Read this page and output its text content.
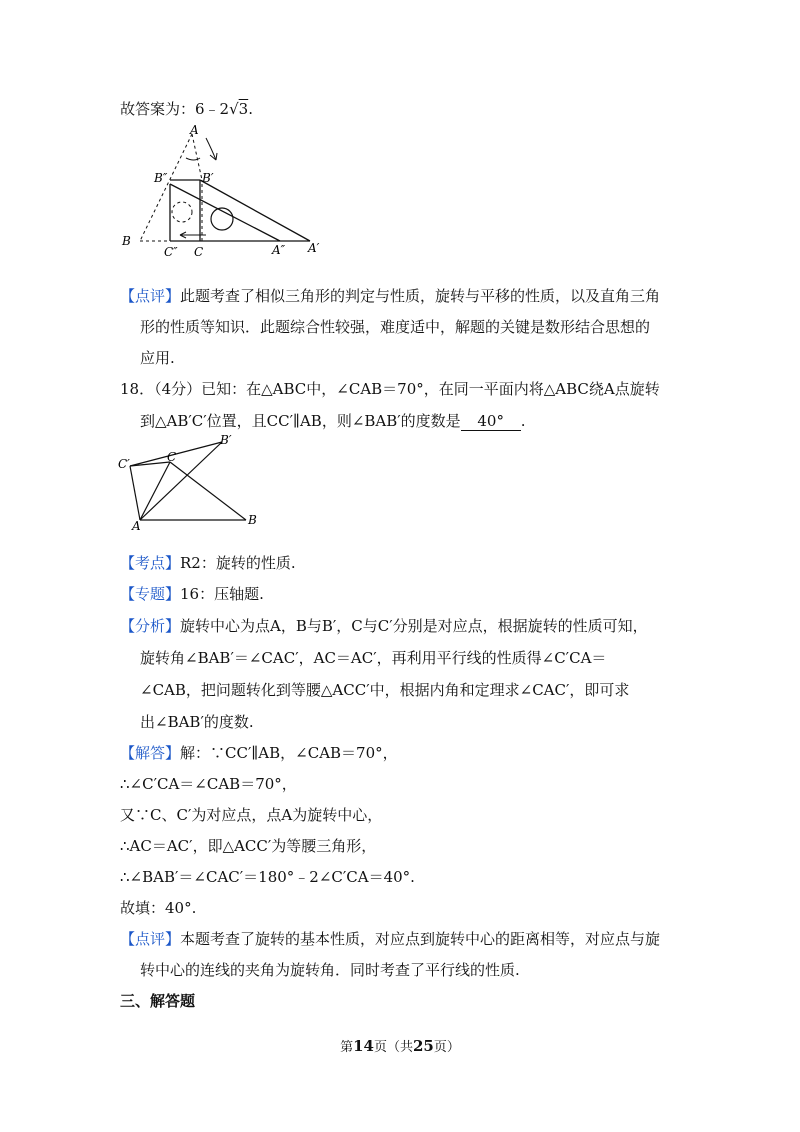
故答案为：6﹣2√3.
A
B″	B′
B
C″ C	A″ A′
【点评】此题考查了相似三角形的判定与性质，旋转与平移的性质，以及直角三角
形的性质等知识．此题综合性较强，难度适中，解题的关键是数形结合思想的
应用.
18．（4分）已知：在△ABC中，∠CAB＝70°，在同一平面内将△ABC绕A点旋转
到△AB′C′位置，且CC′∥AB，则∠BAB′的度数是 40° .
C′	C
B′
A	B
【考点】R2：旋转的性质.
【专题】16：压轴题.
【分析】旋转中心为点A，B与B′，C与C′分别是对应点，根据旋转的性质可知，
旋转角∠BAB′＝∠CAC′，AC＝AC′，再利用平行线的性质得∠C′CA＝
∠CAB，把问题转化到等腰△ACC′中，根据内角和定理求∠CAC′，即可求
出∠BAB′的度数.
【解答】解：∵CC′∥AB，∠CAB＝70°，
∴∠C′CA＝∠CAB＝70°，
又∵C、C′为对应点，点A为旋转中心，
∴AC＝AC′，即△ACC′为等腰三角形，
∴∠BAB′＝∠CAC′＝180°﹣2∠C′CA＝40°.
故填：40°.
【点评】本题考查了旋转的基本性质，对应点到旋转中心的距离相等，对应点与旋
转中心的连线的夹角为旋转角．同时考查了平行线的性质.
三、解答题
第14页（共25页）
